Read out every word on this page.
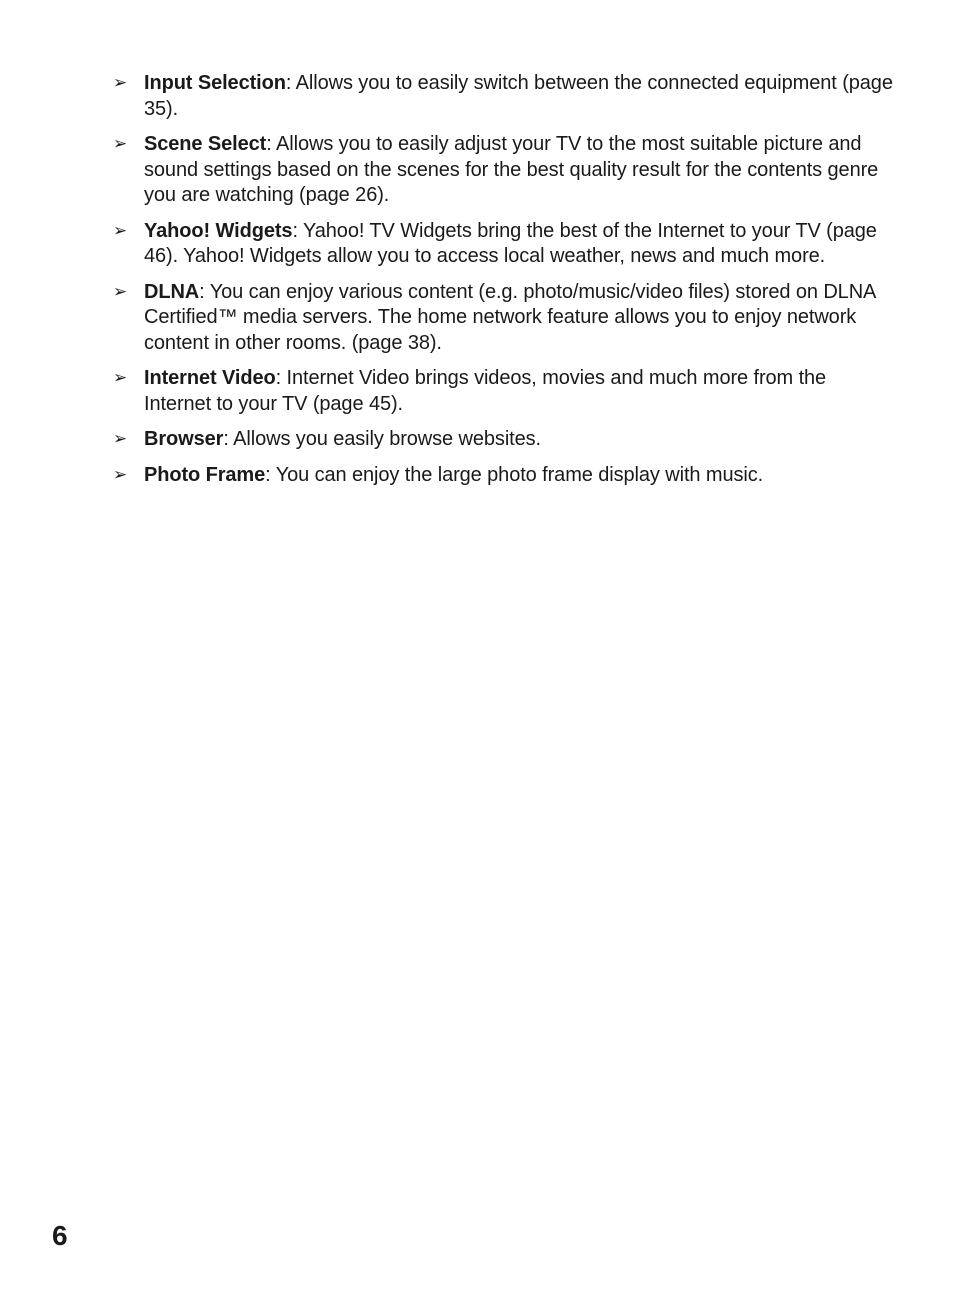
➢ Input Selection: Allows you to easily switch between the connected equipment (page 35).
➢ Scene Select: Allows you to easily adjust your TV to the most suitable picture and sound settings based on the scenes for the best quality result for the contents genre you are watching (page 26).
➢ Yahoo! Widgets: Yahoo! TV Widgets bring the best of the Internet to your TV (page 46). Yahoo! Widgets allow you to access local weather, news and much more.
➢ DLNA: You can enjoy various content (e.g. photo/music/video files) stored on DLNA Certified™ media servers. The home network feature allows you to enjoy network content in other rooms. (page 38).
➢ Internet Video: Internet Video brings videos, movies and much more from the Internet to your TV (page 45).
➢ Browser: Allows you easily browse websites.
➢ Photo Frame: You can enjoy the large photo frame display with music.
6
